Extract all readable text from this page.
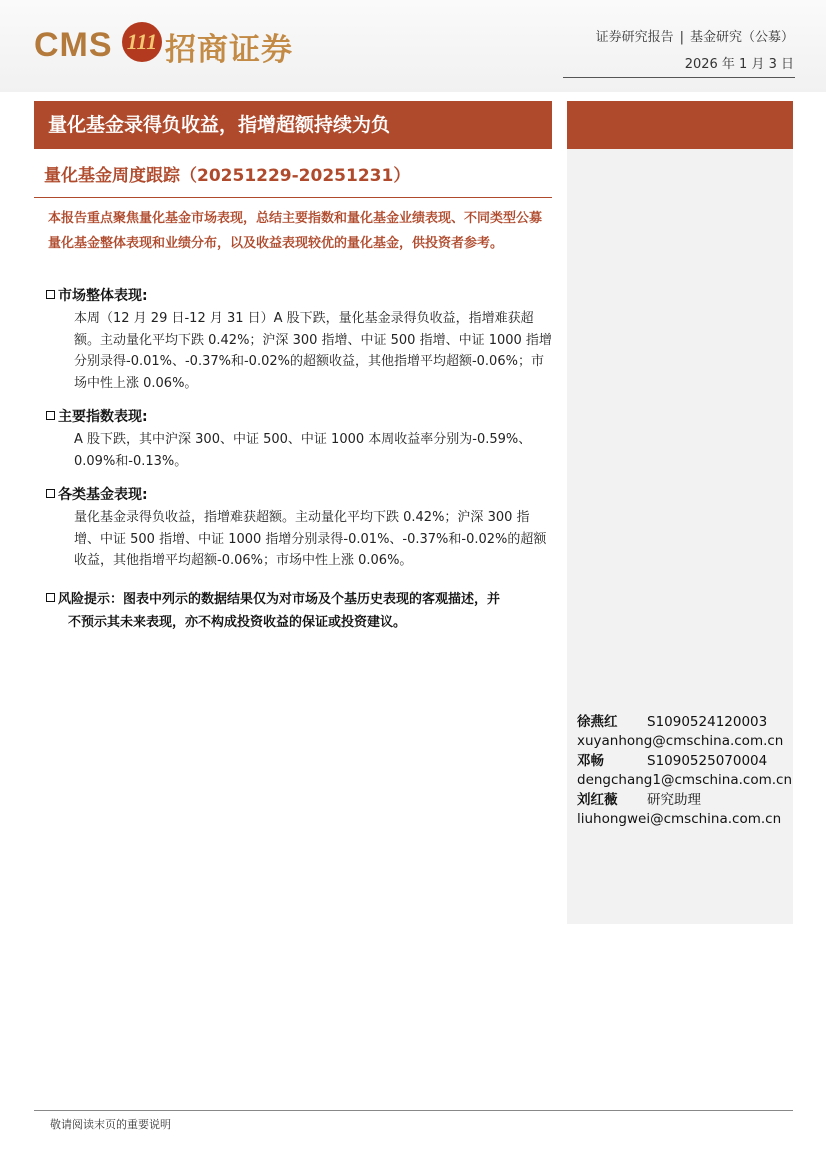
CMS 111 招商证券	证券研究报告 | 基金研究（公募）
2026 年 1 月 3 日
量化基金录得负收益，指增超额持续为负
量化基金周度跟踪（20251229-20251231）
本报告重点聚焦量化基金市场表现，总结主要指数和量化基金业绩表现、不同类型公募量化基金整体表现和业绩分布，以及收益表现较优的量化基金，供投资者参考。
市场整体表现:
本周（12 月 29 日-12 月 31 日）A 股下跌，量化基金录得负收益，指增难获超额。主动量化平均下跌 0.42%；沪深 300 指增、中证 500 指增、中证 1000 指增分别录得-0.01%、-0.37%和-0.02%的超额收益，其他指增平均超额-0.06%；市场中性上涨 0.06%。
主要指数表现:
A 股下跌，其中沪深 300、中证 500、中证 1000 本周收益率分别为-0.59%、0.09%和-0.13%。
各类基金表现:
量化基金录得负收益，指增难获超额。主动量化平均下跌 0.42%；沪深 300 指增、中证 500 指增、中证 1000 指增分别录得-0.01%、-0.37%和-0.02%的超额收益，其他指增平均超额-0.06%；市场中性上涨 0.06%。
风险提示：图表中列示的数据结果仅为对市场及个基历史表现的客观描述，并
不预示其未来表现，亦不构成投资收益的保证或投资建议。
徐燕红 S1090524120003
xuyanhong@cmschina.com.cn
邓畅	S1090525070004
dengchang1@cmschina.com.cn
刘红薇 研究助理
liuhongwei@cmschina.com.cn
敬请阅读末页的重要说明
